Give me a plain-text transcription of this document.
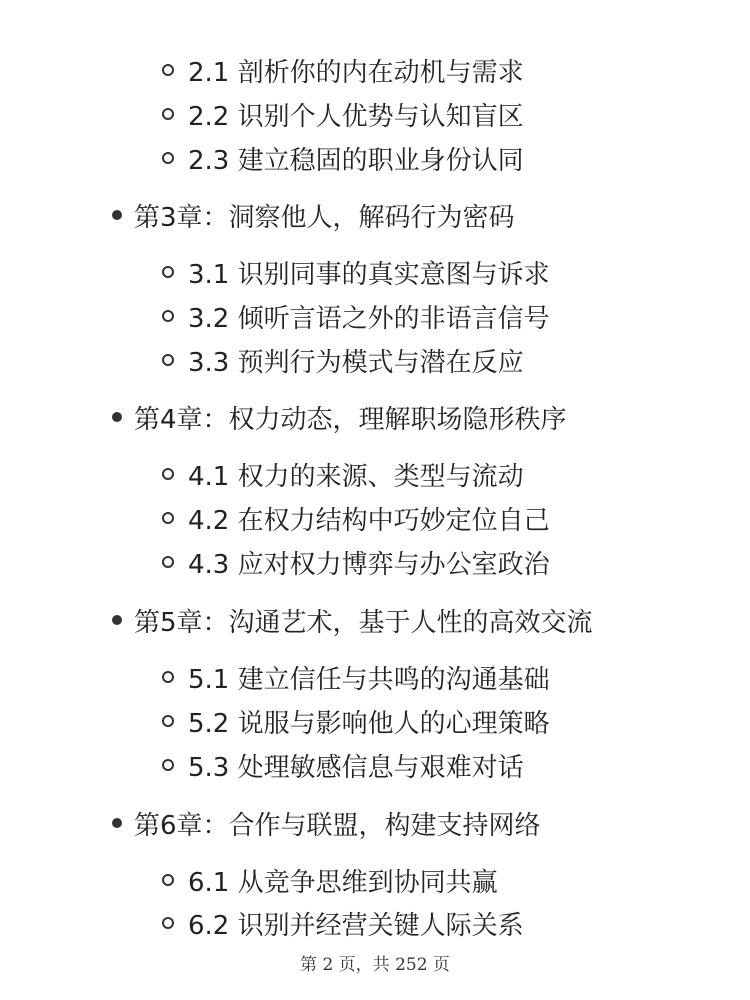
2.1 剖析你的内在动机与需求
2.2 识别个人优势与认知盲区
2.3 建立稳固的职业身份认同
第3章：洞察他人，解码行为密码
3.1 识别同事的真实意图与诉求
3.2 倾听言语之外的非语言信号
3.3 预判行为模式与潜在反应
第4章：权力动态，理解职场隐形秩序
4.1 权力的来源、类型与流动
4.2 在权力结构中巧妙定位自己
4.3 应对权力博弈与办公室政治
第5章：沟通艺术，基于人性的高效交流
5.1 建立信任与共鸣的沟通基础
5.2 说服与影响他人的心理策略
5.3 处理敏感信息与艰难对话
第6章：合作与联盟，构建支持网络
6.1 从竞争思维到协同共赢
6.2 识别并经营关键人际关系
第 2 页，共 252 页
